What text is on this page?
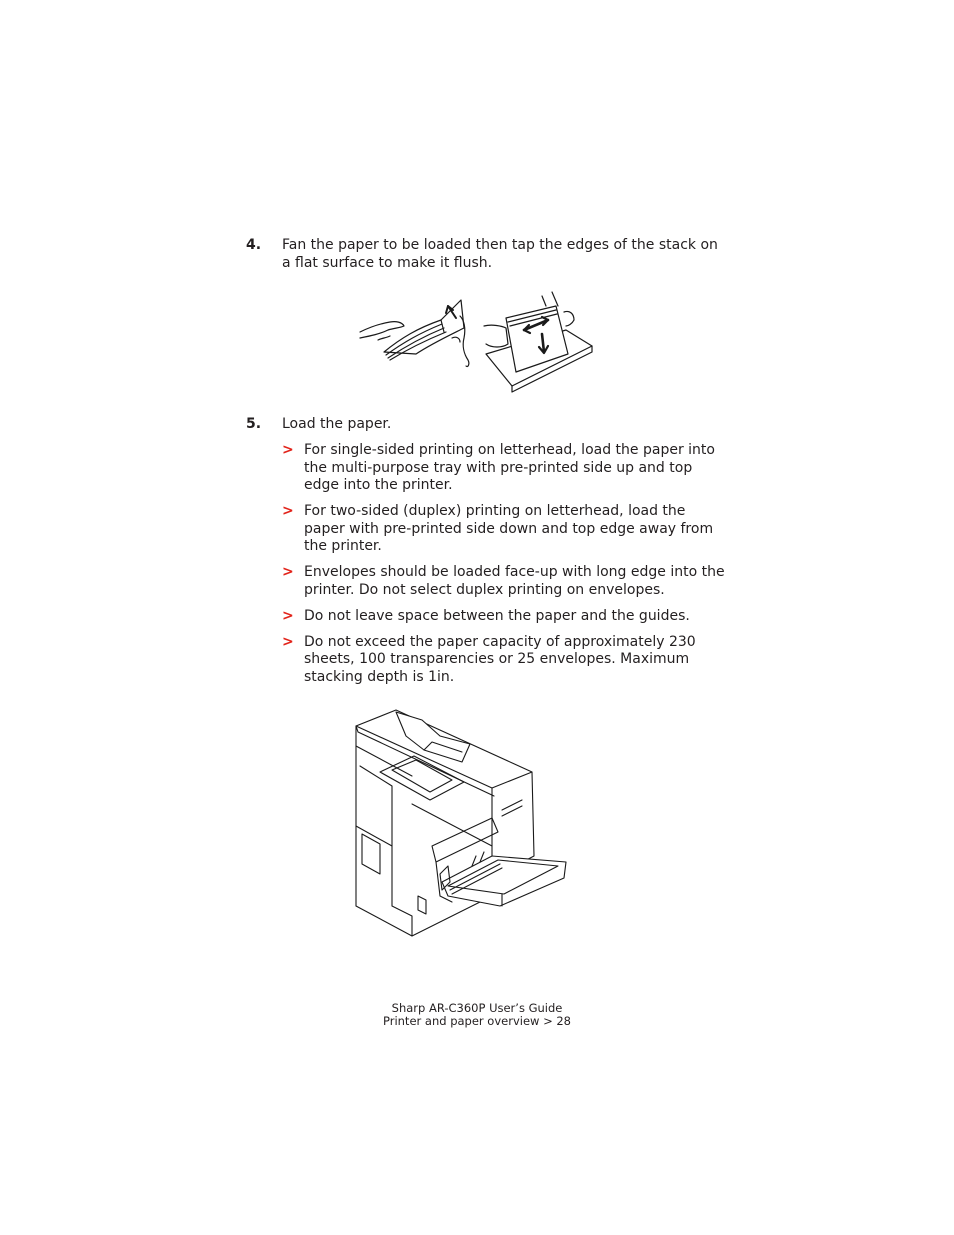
4. Fan the paper to be loaded then tap the edges of the stack on a flat surface to make it flush.
5. Load the paper.
> For single-sided printing on letterhead, load the paper into the multi-purpose tray with pre-printed side up and top edge into the printer.
> For two-sided (duplex) printing on letterhead, load the paper with pre-printed side down and top edge away from the printer.
> Envelopes should be loaded face-up with long edge into the printer. Do not select duplex printing on envelopes.
> Do not leave space between the paper and the guides.
> Do not exceed the paper capacity of approximately 230 sheets, 100 transparencies or 25 envelopes. Maximum stacking depth is 1in.
Sharp AR-C360P User’s Guide
Printer and paper overview > 28
